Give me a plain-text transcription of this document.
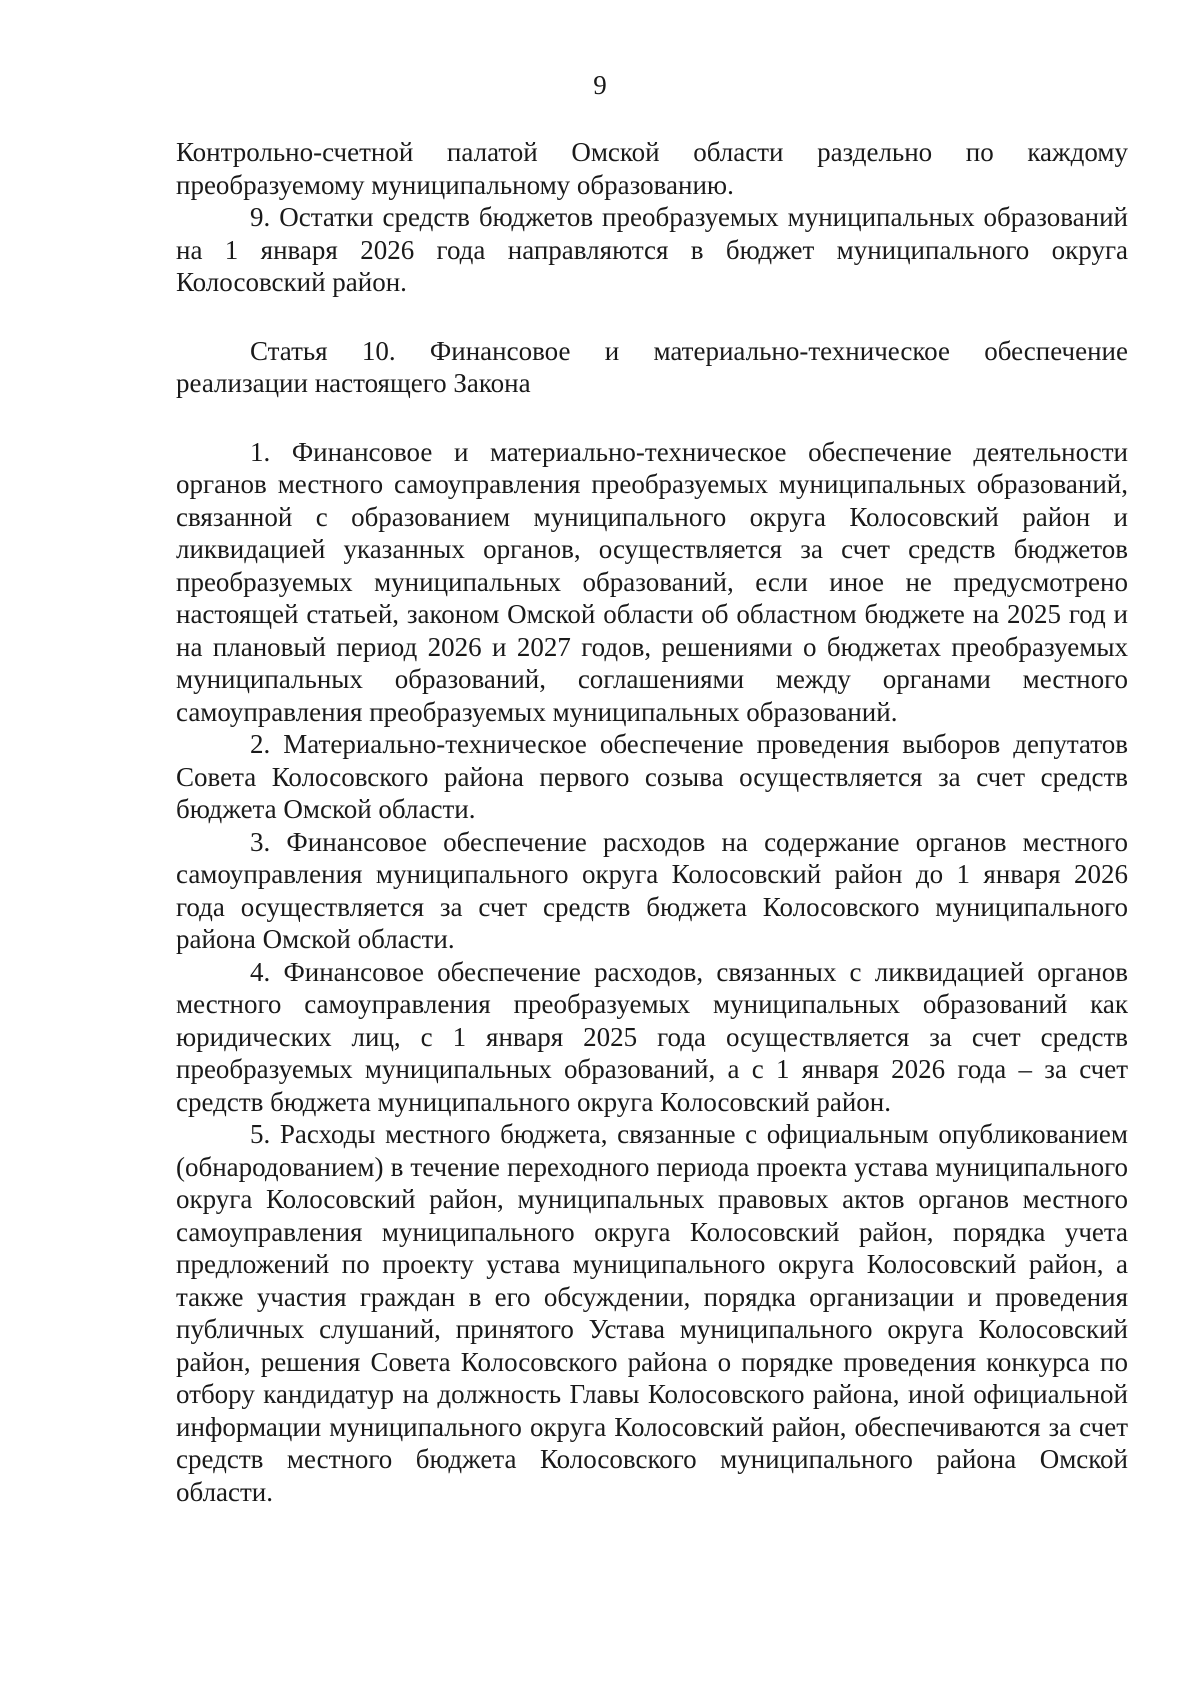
9

Контрольно-счетной палатой Омской области раздельно по каждому преобразуемому муниципальному образованию.

9. Остатки средств бюджетов преобразуемых муниципальных образований на 1 января 2026 года направляются в бюджет муниципального округа Колосовский район.

Статья 10. Финансовое и материально-техническое обеспечение реализации настоящего Закона

1. Финансовое и материально-техническое обеспечение деятельности органов местного самоуправления преобразуемых муниципальных образований, связанной с образованием муниципального округа Колосовский район и ликвидацией указанных органов, осуществляется за счет средств бюджетов преобразуемых муниципальных образований, если иное не предусмотрено настоящей статьей, законом Омской области об областном бюджете на 2025 год и на плановый период 2026 и 2027 годов, решениями о бюджетах преобразуемых муниципальных образований, соглашениями между органами местного самоуправления преобразуемых муниципальных образований.

2. Материально-техническое обеспечение проведения выборов депутатов Совета Колосовского района первого созыва осуществляется за счет средств бюджета Омской области.

3. Финансовое обеспечение расходов на содержание органов местного самоуправления муниципального округа Колосовский район до 1 января 2026 года осуществляется за счет средств бюджета Колосовского муниципального района Омской области.

4. Финансовое обеспечение расходов, связанных с ликвидацией органов местного самоуправления преобразуемых муниципальных образований как юридических лиц, с 1 января 2025 года осуществляется за счет средств преобразуемых муниципальных образований, а с 1 января 2026 года – за счет средств бюджета муниципального округа Колосовский район.

5. Расходы местного бюджета, связанные с официальным опубликованием (обнародованием) в течение переходного периода проекта устава муниципального округа Колосовский район, муниципальных правовых актов органов местного самоуправления муниципального округа Колосовский район, порядка учета предложений по проекту устава муниципального округа Колосовский район, а также участия граждан в его обсуждении, порядка организации и проведения публичных слушаний, принятого Устава муниципального округа Колосовский район, решения Совета Колосовского района о порядке проведения конкурса по отбору кандидатур на должность Главы Колосовского района, иной официальной информации муниципального округа Колосовский район, обеспечиваются за счет средств местного бюджета Колосовского муниципального района Омской области.
